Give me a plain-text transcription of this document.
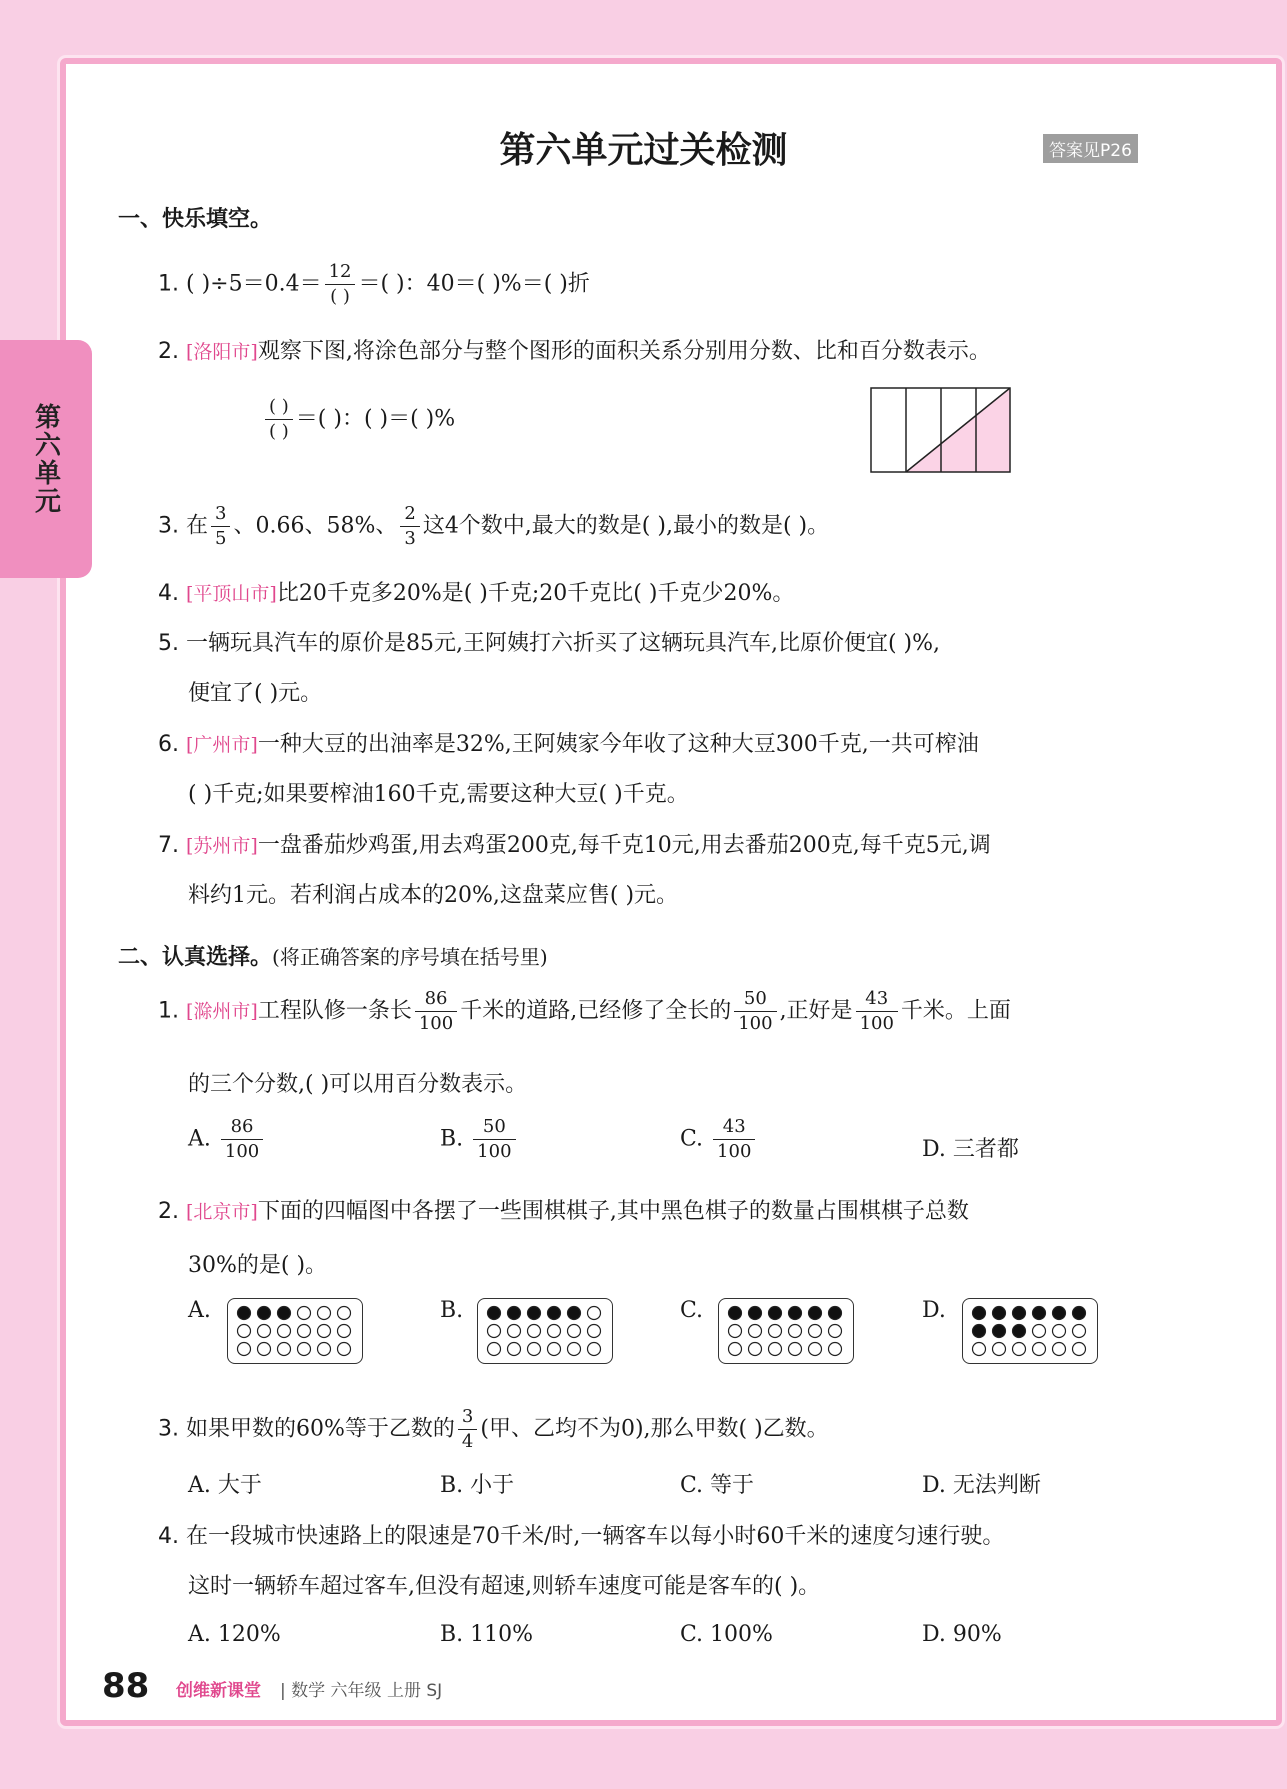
第六单元
第六单元过关检测	答案见P26
一、快乐填空。
1. ( )$\div 5=0.4= \frac{12}{( )}$ ＝( )：40＝( )%＝( )折
2. [洛阳市]观察下图,将涂色部分与整个图形的面积关系分别用分数、比和百分数表示。
$\frac{( )}{( )}$ ＝( )：( )＝( )%
3. 在 $\frac{3}{5}$ 、0.66、58%、 $\frac{2}{3}$ 这4个数中,最大的数是( ),最小的数是( )。
4. [平顶山市]比20千克多20%是( )千克;20千克比( )千克少20%。
5. 一辆玩具汽车的原价是85元,王阿姨打六折买了这辆玩具汽车,比原价便宜( )%,
便宜了( )元。
6. [广州市]一种大豆的出油率是32%,王阿姨家今年收了这种大豆300千克,一共可榨油
( )千克;如果要榨油160千克,需要这种大豆( )千克。
7. [苏州市]一盘番茄炒鸡蛋,用去鸡蛋200克,每千克10元,用去番茄200克,每千克5元,调
料约1元。若利润占成本的20%,这盘菜应售( )元。
二、认真选择。(将正确答案的序号填在括号里)
1. [滁州市]工程队修一条长 $\frac{86}{100}$ 千米的道路,已经修了全长的 $\frac{50}{100}$ ,正好是 $\frac{43}{100}$ 千米。上面
的三个分数,( )可以用百分数表示。
A. $\frac{86}{100}$	B. $\frac{50}{100}$	C. $\frac{43}{100}$	D. 三者都
2. [北京市]下面的四幅图中各摆了一些围棋棋子,其中黑色棋子的数量占围棋棋子总数
30%的是( )。
A.	B.	C.	D.
3. 如果甲数的60%等于乙数的 $\frac{3}{4}$ (甲、乙均不为0),那么甲数( )乙数。
A. 大于	B. 小于	C. 等于	D. 无法判断
4. 在一段城市快速路上的限速是70千米/时,一辆客车以每小时60千米的速度匀速行驶。
这时一辆轿车超过客车,但没有超速,则轿车速度可能是客车的( )。
A. 120%	B. 110%	C. 100%	D. 90%
88 创维新课堂 | 数学 六年级 上册 SJ
